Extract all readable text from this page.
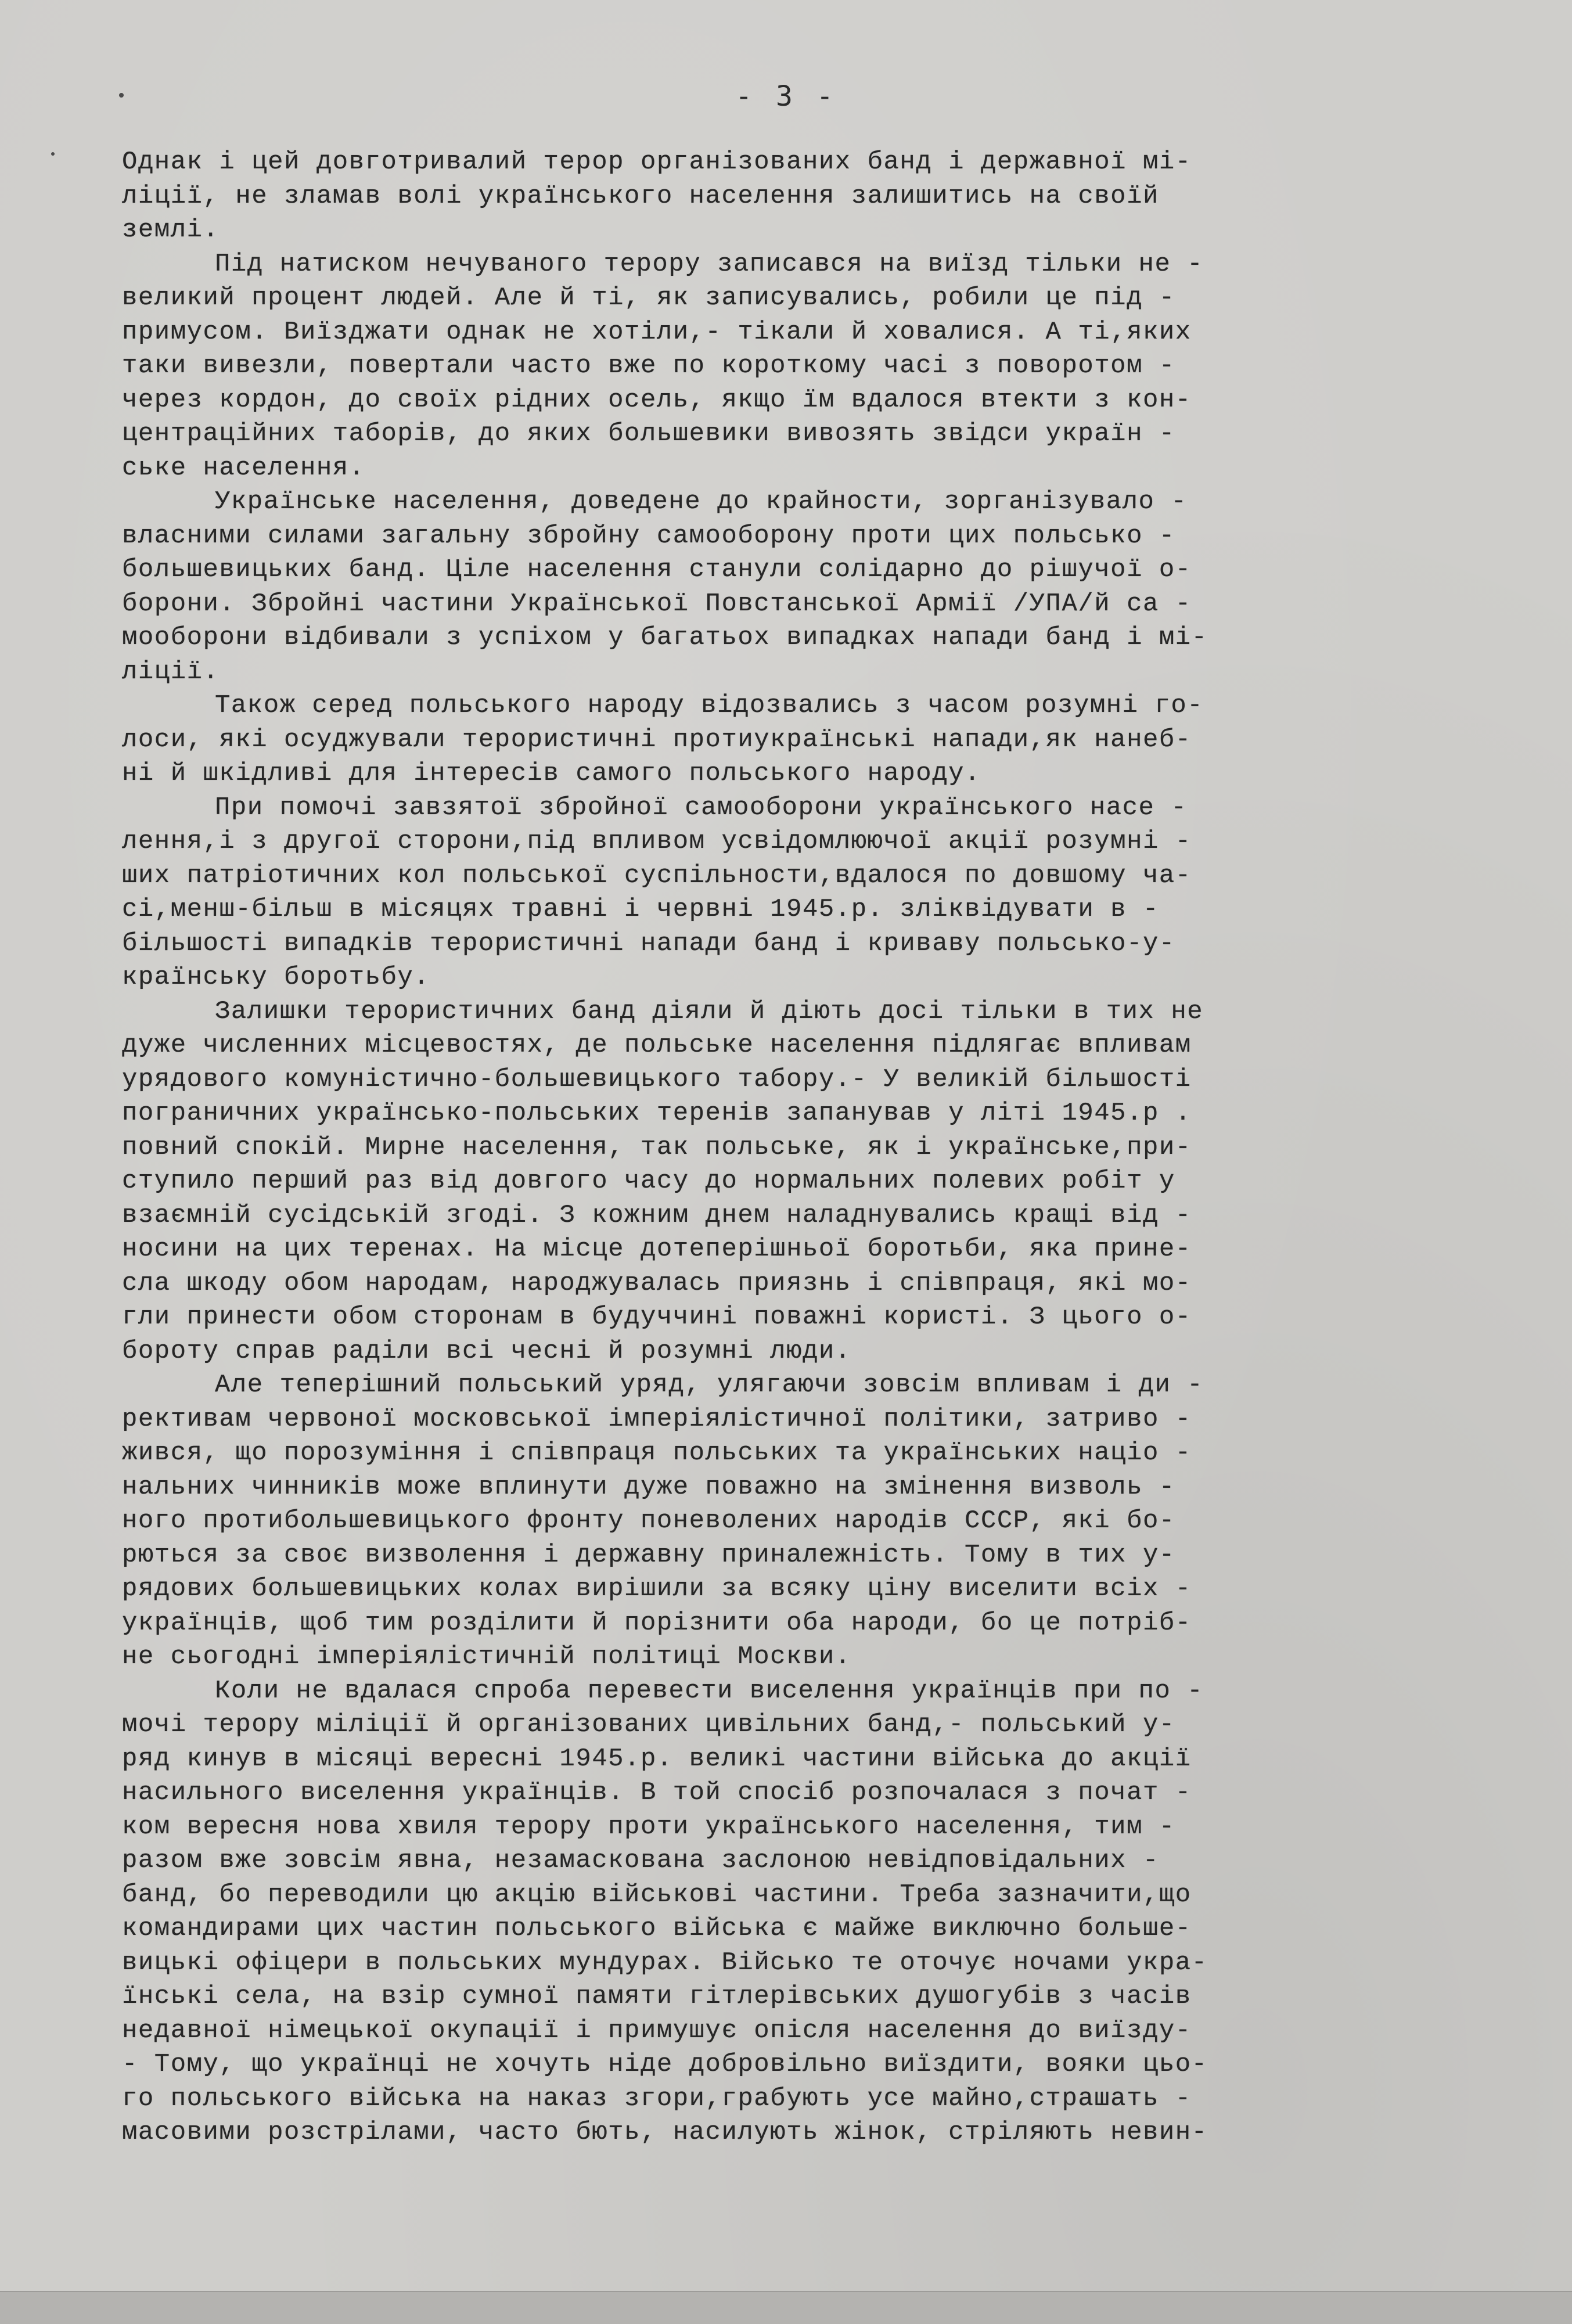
- 3 -
Однак і цей довготривалий терор організованих банд і державної мі-
ліції, не зламав волі українського населення залишитись на своїй
землі.
Під натиском нечуваного терору записався на виїзд тільки не -
великий процент людей. Але й ті, як записувались, робили це під -
примусом. Виїзджати однак не хотіли,- тікали й ховалися. А ті,яких
таки вивезли, повертали часто вже по короткому часі з поворотом -
через кордон, до своїх рідних осель, якщо їм вдалося втекти з кон-
центраційних таборів, до яких большевики вивозять звідси україн -
ське населення.
Українське населення, доведене до крайности, зорганізувало -
власними силами загальну збройну самооборону проти цих польсько -
большевицьких банд. Ціле населення станули солідарно до рішучої о-
борони. Збройні частини Української Повстанської Армії /УПА/й са -
мооборони відбивали з успіхом у багатьох випадках напади банд і мі-
ліції.
Також серед польського народу відозвались з часом розумні го-
лоси, які осуджували терористичні протиукраїнські напади,як нанеб-
ні й шкідливі для інтересів самого польського народу.
При помочі завзятої збройної самооборони українського насе -
лення,і з другої сторони,під впливом усвідомлюючої акції розумні -
ших патріотичних кол польської суспільности,вдалося по довшому ча-
сі,менш-більш в місяцях травні і червні 1945.р. зліквідувати в -
більшості випадків терористичні напади банд і криваву польсько-у-
країнську боротьбу.
Залишки терористичних банд діяли й діють досі тільки в тих не
дуже численних місцевостях, де польське населення підлягає впливам
урядового комуністично-большевицького табору.- У великій більшості
пограничних українсько-польських теренів запанував у літі 1945.р .
повний спокій. Мирне населення, так польське, як і українське,при-
ступило перший раз від довгого часу до нормальних полевих робіт у
взаємній сусідській згоді. З кожним днем наладнувались кращі від -
носини на цих теренах. На місце дотеперішньої боротьби, яка прине-
сла шкоду обом народам, народжувалась приязнь і співпраця, які мо-
гли принести обом сторонам в будуччині поважні користі. З цього о-
бороту справ раділи всі чесні й розумні люди.
Але теперішний польський уряд, улягаючи зовсім впливам і ди -
рективам червоної московської імперіялістичної політики, затриво -
жився, що порозуміння і співпраця польських та українських націо -
нальних чинників може вплинути дуже поважно на змінення визволь -
ного протибольшевицького фронту поневолених народів СССР, які бо-
рються за своє визволення і державну приналежність. Тому в тих у-
рядових большевицьких колах вирішили за всяку ціну виселити всіх -
українців, щоб тим розділити й порізнити оба народи, бо це потріб-
не сьогодні імперіялістичній політиці Москви.
Коли не вдалася спроба перевести виселення українців при по -
мочі терору міліції й організованих цивільних банд,- польський у-
ряд кинув в місяці вересні 1945.р. великі частини війська до акції
насильного виселення українців. В той спосіб розпочалася з почат -
ком вересня нова хвиля терору проти українського населення, тим -
разом вже зовсім явна, незамаскована заслоною невідповідальних -
банд, бо переводили цю акцію військові частини. Треба зазначити,що
командирами цих частин польського війська є майже виключно больше-
вицькі офіцери в польських мундурах. Військо те оточує ночами укра-
їнські села, на взір сумної памяти гітлерівських душогубів з часів
недавної німецької окупації і примушує опісля населення до виїзду-
- Тому, що українці не хочуть ніде добровільно виїздити, вояки цьо-
го польського війська на наказ згори,грабують усе майно,страшать -
масовими розстрілами, часто бють, насилують жінок, стріляють невин-
